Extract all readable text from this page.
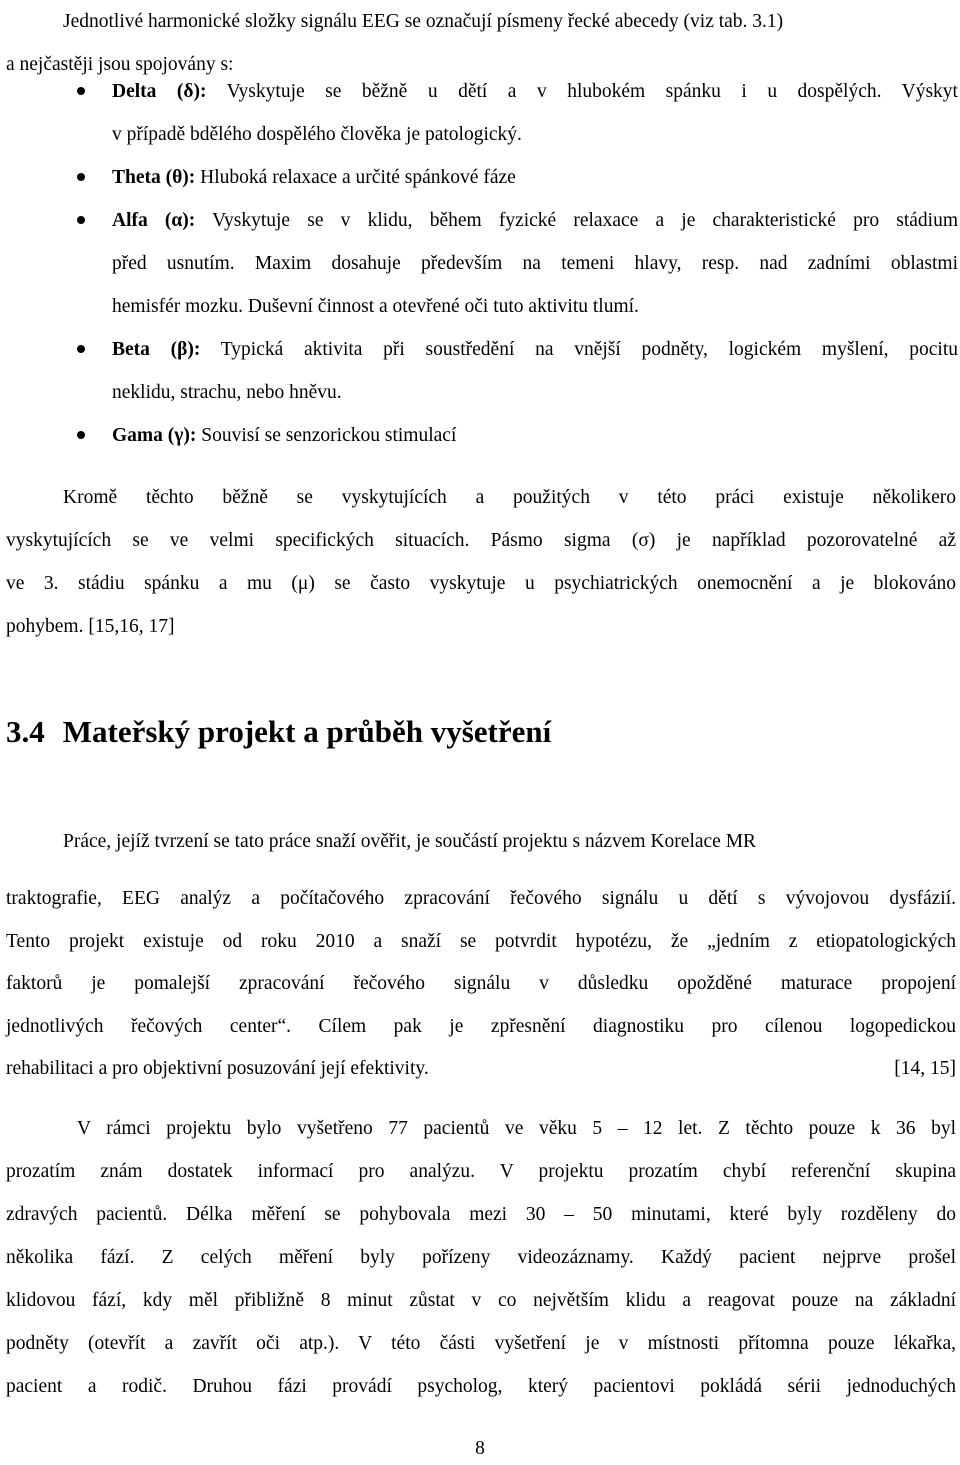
Jednotlivé harmonické složky signálu EEG se označují písmeny řecké abecedy (viz tab. 3.1)
a nejčastěji jsou spojovány s:
Delta (δ): Vyskytuje se běžně u dětí a v hlubokém spánku i u dospělých. Výskyt
v případě bdělého dospělého člověka je patologický.
Theta (θ): Hluboká relaxace a určité spánkové fáze
Alfa (α): Vyskytuje se v klidu, během fyzické relaxace a je charakteristické pro stádium
před usnutím. Maxim dosahuje především na temeni hlavy, resp. nad zadními oblastmi
hemisfér mozku. Duševní činnost a otevřené oči tuto aktivitu tlumí.
Beta (β): Typická aktivita při soustředění na vnější podněty, logickém myšlení, pocitu
neklidu, strachu, nebo hněvu.
Gama (γ): Souvisí se senzorickou stimulací
Kromě těchto běžně se vyskytujících a použitých v této práci existuje několikero
vyskytujících se ve velmi specifických situacích. Pásmo sigma (σ) je například pozorovatelné až
ve 3. stádiu spánku a mu (μ) se často vyskytuje u psychiatrických onemocnění a je blokováno
pohybem. [15,16, 17]
3.4 Mateřský projekt a průběh vyšetření

Práce, jejíž tvrzení se tato práce snaží ověřit, je součástí projektu s názvem Korelace MR

traktografie, EEG analýz a počítačového zpracování řečového signálu u dětí s vývojovou dysfázií.
Tento projekt existuje od roku 2010 a snaží se potvrdit hypotézu, že „jedním z etiopatologických
faktorů je pomalejší zpracování řečového signálu v důsledku opožděné maturace propojení
jednotlivých řečových center“. Cílem pak je zpřesnění diagnostiku pro cílenou logopedickou
rehabilitaci a pro objektivní posuzování její efektivity.	[14, 15]
V rámci projektu bylo vyšetřeno 77 pacientů ve věku 5 – 12 let. Z těchto pouze k 36 byl
prozatím znám dostatek informací pro analýzu. V projektu prozatím chybí referenční skupina
zdravých pacientů. Délka měření se pohybovala mezi 30 – 50 minutami, které byly rozděleny do
několika fází. Z celých měření byly pořízeny videozáznamy. Každý pacient nejprve prošel
klidovou fází, kdy měl přibližně 8 minut zůstat v co největším klidu a reagovat pouze na základní
podněty (otevřít a zavřít oči atp.). V této části vyšetření je v místnosti přítomna pouze lékařka,
pacient a rodič. Druhou fázi provádí psycholog, který pacientovi pokládá sérii jednoduchých
8
